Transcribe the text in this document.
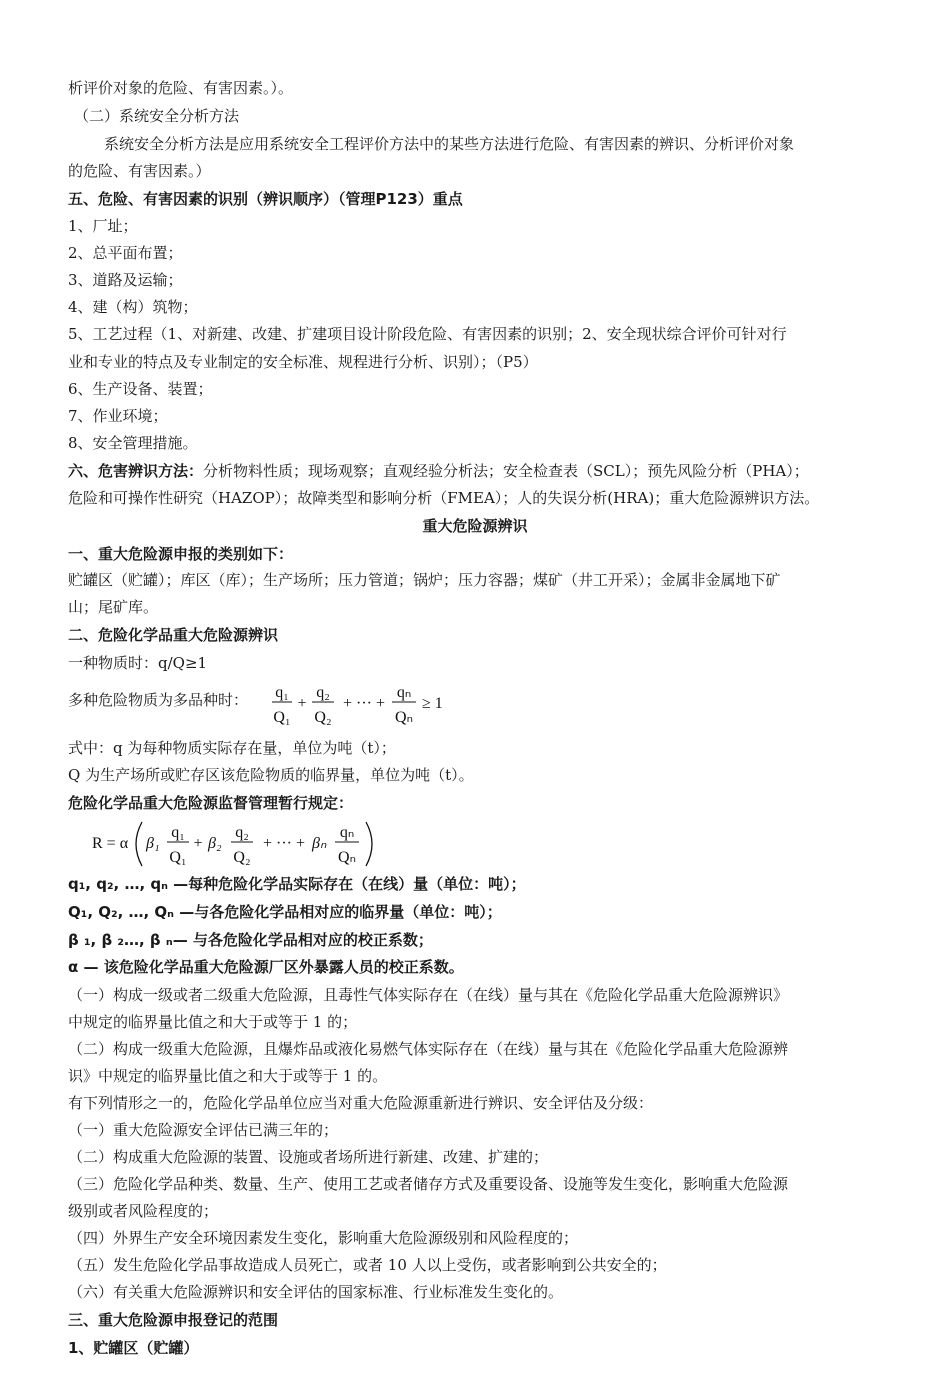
析评价对象的危险、有害因素。）。
（二）系统安全分析方法
系统安全分析方法是应用系统安全工程评价方法中的某些方法进行危险、有害因素的辨识、分析评价对象
的危险、有害因素。）
五、危险、有害因素的识别（辨识顺序）（管理P123）重点
1、厂址；
2、总平面布置；
3、道路及运输；
4、建（构）筑物；
5、工艺过程（1、对新建、改建、扩建项目设计阶段危险、有害因素的识别；2、安全现状综合评价可针对行
业和专业的特点及专业制定的安全标准、规程进行分析、识别）；（P5）
6、生产设备、装置；
7、作业环境；
8、安全管理措施。
六、危害辨识方法：分析物料性质；现场观察；直观经验分析法；安全检查表（SCL）；预先风险分析（PHA）；
危险和可操作性研究（HAZOP）；故障类型和影响分析（FMEA）；人的失误分析(HRA)；重大危险源辨识方法。
重大危险源辨识
一、重大危险源申报的类别如下：
贮罐区（贮罐）；库区（库）；生产场所；压力管道；锅炉；压力容器；煤矿（井工开采）；金属非金属地下矿
山；尾矿库。
二、危险化学品重大危险源辨识
一种物质时：q/Q≥1
多种危险物质为多品种时： q₁
Q₁
+
q₂
Q₂
+ ··· +
qₙ
Qₙ
≥ 1
式中：q 为每种物质实际存在量，单位为吨（t）；
Q 为生产场所或贮存区该危险物质的临界量，单位为吨（t）。
危险化学品重大危险源监督管理暂行规定：
R = α β₁
q₁
Q₁
+ β₂
q₂
Q₂
+ ··· + βₙ
qₙ
Qₙ
q₁, q₂, …, qₙ —每种危险化学品实际存在（在线）量（单位：吨）；
Q₁, Q₂, …, Qₙ —与各危险化学品相对应的临界量（单位：吨）；
β ₁, β ₂…, β ₙ— 与各危险化学品相对应的校正系数；
α — 该危险化学品重大危险源厂区外暴露人员的校正系数。
（一）构成一级或者二级重大危险源，且毒性气体实际存在（在线）量与其在《危险化学品重大危险源辨识》
中规定的临界量比值之和大于或等于 1 的；
（二）构成一级重大危险源，且爆炸品或液化易燃气体实际存在（在线）量与其在《危险化学品重大危险源辨
识》中规定的临界量比值之和大于或等于 1 的。
有下列情形之一的，危险化学品单位应当对重大危险源重新进行辨识、安全评估及分级：
（一）重大危险源安全评估已满三年的；
（二）构成重大危险源的装置、设施或者场所进行新建、改建、扩建的；
（三）危险化学品种类、数量、生产、使用工艺或者储存方式及重要设备、设施等发生变化，影响重大危险源
级别或者风险程度的；
（四）外界生产安全环境因素发生变化，影响重大危险源级别和风险程度的；
（五）发生危险化学品事故造成人员死亡，或者 10 人以上受伤，或者影响到公共安全的；
（六）有关重大危险源辨识和安全评估的国家标准、行业标准发生变化的。
三、重大危险源申报登记的范围
1、贮罐区（贮罐）
